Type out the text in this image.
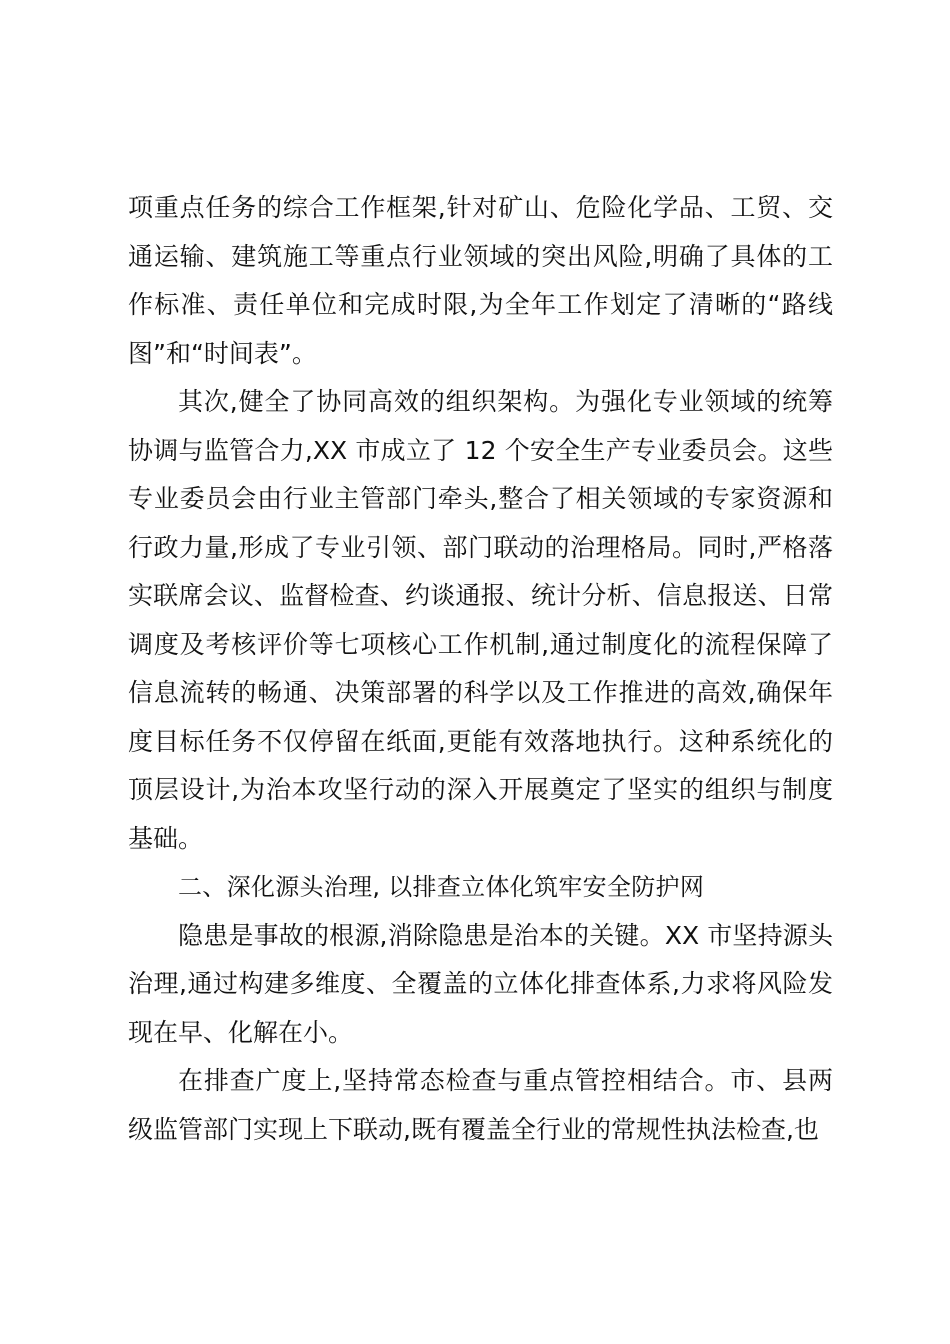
项重点任务的综合工作框架,针对矿山、危险化学品、工贸、交通运输、建筑施工等重点行业领域的突出风险,明确了具体的工作标准、责任单位和完成时限,为全年工作划定了清晰的“路线图”和“时间表”。

其次,健全了协同高效的组织架构。为强化专业领域的统筹协调与监管合力,XX 市成立了 12 个安全生产专业委员会。这些专业委员会由行业主管部门牵头,整合了相关领域的专家资源和行政力量,形成了专业引领、部门联动的治理格局。同时,严格落实联席会议、监督检查、约谈通报、统计分析、信息报送、日常调度及考核评价等七项核心工作机制,通过制度化的流程保障了信息流转的畅通、决策部署的科学以及工作推进的高效,确保年度目标任务不仅停留在纸面,更能有效落地执行。这种系统化的顶层设计,为治本攻坚行动的深入开展奠定了坚实的组织与制度基础。

二、深化源头治理, 以排查立体化筑牢安全防护网

隐患是事故的根源,消除隐患是治本的关键。XX 市坚持源头治理,通过构建多维度、全覆盖的立体化排查体系,力求将风险发现在早、化解在小。

在排查广度上,坚持常态检查与重点管控相结合。市、县两级监管部门实现上下联动,既有覆盖全行业的常规性执法检查,也
